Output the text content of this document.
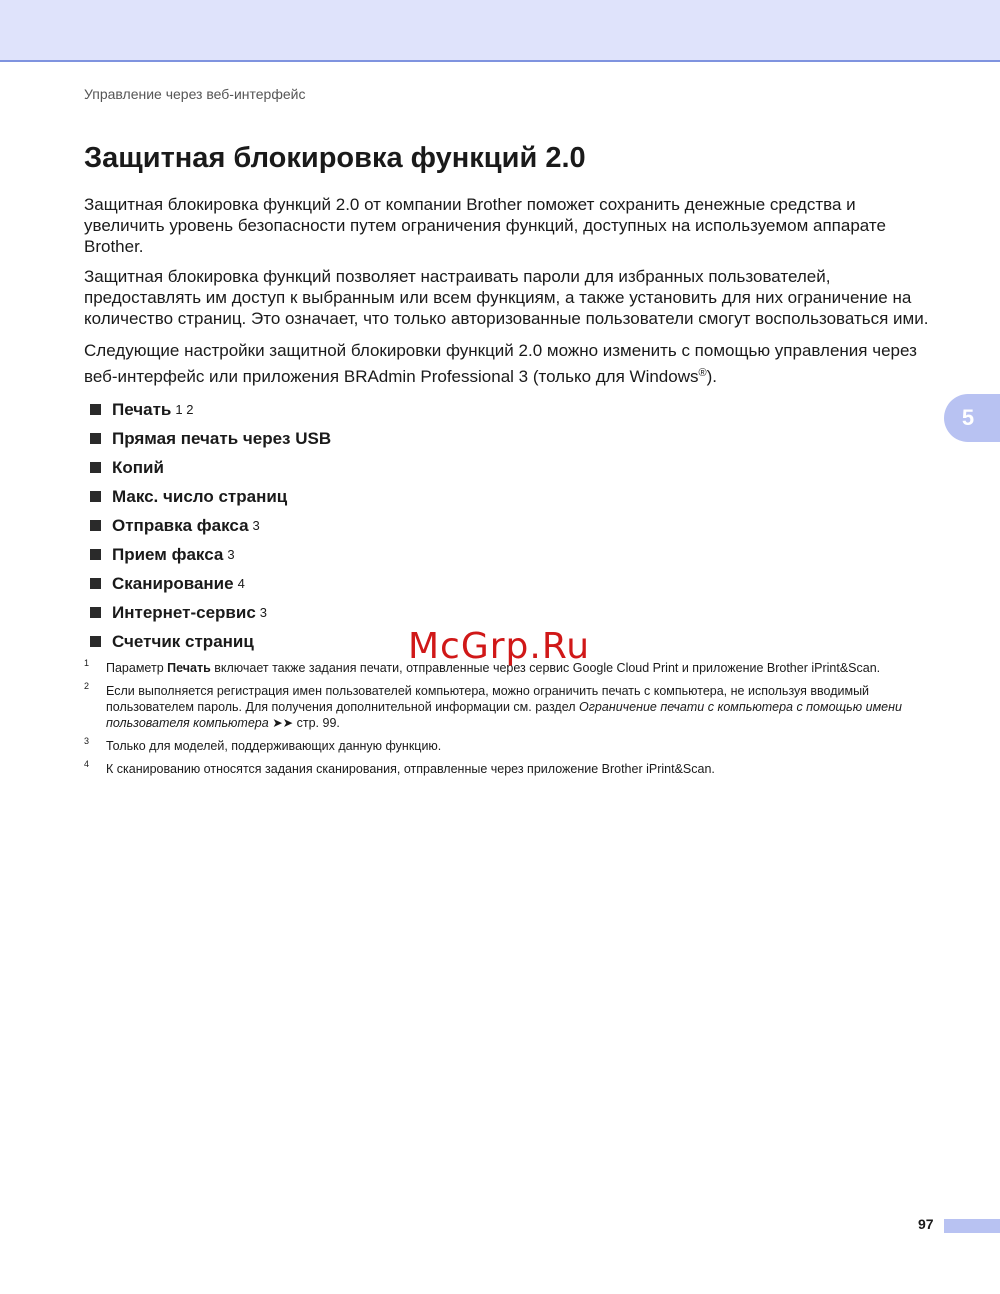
Управление через веб-интерфейс
5
Защитная блокировка функций 2.0

Защитная блокировка функций 2.0 от компании Brother поможет сохранить денежные средства и увеличить уровень безопасности путем ограничения функций, доступных на используемом аппарате Brother.

Защитная блокировка функций позволяет настраивать пароли для избранных пользователей, предоставлять им доступ к выбранным или всем функциям, а также установить для них ограничение на количество страниц. Это означает, что только авторизованные пользователи смогут воспользоваться ими.

Следующие настройки защитной блокировки функций 2.0 можно изменить с помощью управления через веб-интерфейс или приложения BRAdmin Professional 3 (только для Windows®).

Печать 1 2
Прямая печать через USB
Копий
Макс. число страниц
Отправка факса 3
Прием факса 3
Сканирование 4
Интернет-сервис 3
Счетчик страниц
1	Параметр Печать включает также задания печати, отправленные через сервис Google Cloud Print и приложение Brother iPrint&Scan.
2	Если выполняется регистрация имен пользователей компьютера, можно ограничить печать с компьютера, не используя вводимый пользователем пароль. Для получения дополнительной информации см. раздел Ограничение печати с компьютера с помощью имени пользователя компьютера ➤➤ стр. 99.
3	Только для моделей, поддерживающих данную функцию.
4	К сканированию относятся задания сканирования, отправленные через приложение Brother iPrint&Scan.
McGrp.Ru
97
